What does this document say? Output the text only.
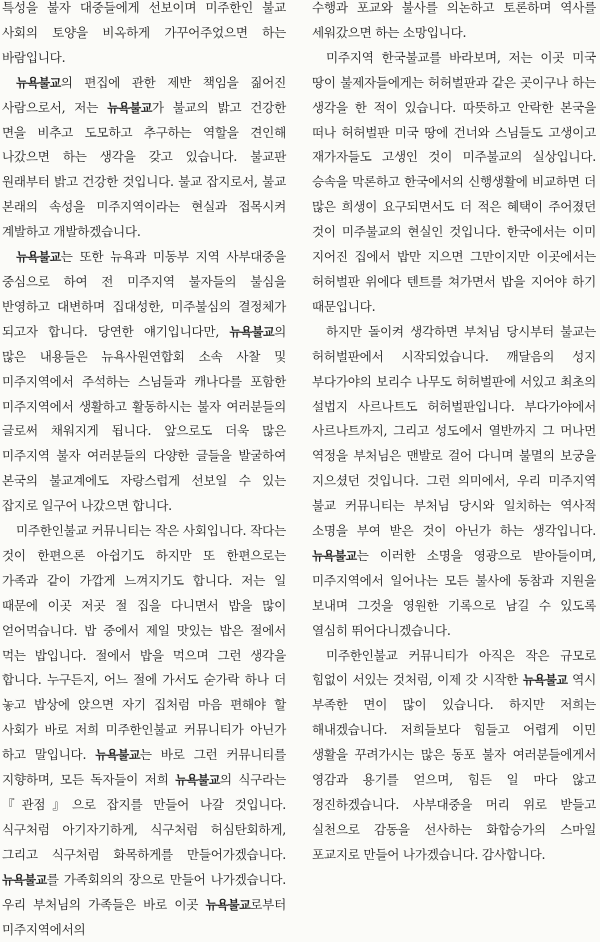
특성을 불자 대중들에게 선보이며 미주한인 불교 사회의 토양을 비옥하게 가꾸어주었으면 하는 바람입니다.

뉴욕불교의 편집에 관한 제반 책임을 짊어진 사람으로서, 저는 뉴욕불교가 불교의 밝고 건강한 면을 비추고 도모하고 추구하는 역할을 견인해 나갔으면 하는 생각을 갖고 있습니다. 불교판 원래부터 밝고 건강한 것입니다. 불교 잡지로서, 불교 본래의 속성을 미주지역이라는 현실과 접목시켜 계발하고 개발하겠습니다.

뉴욕불교는 또한 뉴욕과 미동부 지역 사부대중을 중심으로 하여 전 미주지역 불자들의 불심을 반영하고 대변하며 집대성한, 미주불심의 결정체가 되고자 합니다. 당연한 얘기입니다만, 뉴욕불교의 많은 내용들은 뉴욕사원연합회 소속 사찰 및 미주지역에서 주석하는 스님들과 캐나다를 포함한 미주지역에서 생활하고 활동하시는 불자 여러분들의 글로써 채워지게 됩니다. 앞으로도 더욱 많은 미주지역 불자 여러분들의 다양한 글들을 발굴하여 본국의 불교계에도 자랑스럽게 선보일 수 있는 잡지로 일구어 나갔으면 합니다.

미주한인불교 커뮤니티는 작은 사회입니다. 작다는 것이 한편으론 아쉽기도 하지만 또 한편으로는 가족과 같이 가깝게 느껴지기도 합니다. 저는 일 때문에 이곳 저곳 절 집을 다니면서 밥을 많이 얻어먹습니다. 밥 중에서 제일 맛있는 밥은 절에서 먹는 밥입니다. 절에서 밥을 먹으며 그런 생각을 합니다. 누구든지, 어느 절에 가서도 숟가락 하나 더 놓고 밥상에 앉으면 자기 집처럼 마음 편해야 할 사회가 바로 저희 미주한인불교 커뮤니티가 아닌가 하고 말입니다. 뉴욕불교는 바로 그런 커뮤니티를 지향하며, 모든 독자들이 저희 뉴욕불교의 식구라는 『관점』으로 잡지를 만들어 나갈 것입니다. 식구처럼 아기자기하게, 식구처럼 허심탄회하게, 그리고 식구처럼 화목하게를 만들어가겠습니다. 뉴욕불교를 가족회의의 장으로 만들어 나가겠습니다. 우리 부처님의 가족들은 바로 이곳 뉴욕불교로부터 미주지역에서의

수행과 포교와 불사를 의논하고 토론하며 역사를 세워갔으면 하는 소망입니다.

미주지역 한국불교를 바라보며, 저는 이곳 미국 땅이 불제자들에게는 허허벌판과 같은 곳이구나 하는 생각을 한 적이 있습니다. 따뜻하고 안락한 본국을 떠나 허허벌판 미국 땅에 건너와 스님들도 고생이고 재가자들도 고생인 것이 미주불교의 실상입니다. 승속을 막론하고 한국에서의 신행생활에 비교하면 더 많은 희생이 요구되면서도 더 적은 혜택이 주어졌던 것이 미주불교의 현실인 것입니다. 한국에서는 이미 지어진 집에서 밥만 지으면 그만이지만 이곳에서는 허허벌판 위에다 텐트를 쳐가면서 밥을 지어야 하기 때문입니다.

하지만 돌이켜 생각하면 부처님 당시부터 불교는 허허벌판에서 시작되었습니다. 깨달음의 성지 부다가야의 보리수 나무도 허허벌판에 서있고 최초의 설법지 사르나트도 허허벌판입니다. 부다가야에서 사르나트까지, 그리고 성도에서 열반까지 그 머나먼 역정을 부처님은 맨발로 걸어 다니며 불멸의 보궁을 지으셨던 것입니다. 그런 의미에서, 우리 미주지역 불교 커뮤니티는 부처님 당시와 일치하는 역사적 소명을 부여 받은 것이 아닌가 하는 생각입니다. 뉴욕불교는 이러한 소명을 영광으로 받아들이며, 미주지역에서 일어나는 모든 불사에 동참과 지원을 보내며 그것을 영원한 기록으로 남길 수 있도록 열심히 뛰어다니겠습니다.

미주한인불교 커뮤니티가 아직은 작은 규모로 힘없이 서있는 것처럼, 이제 갓 시작한 뉴욕불교 역시 부족한 면이 많이 있습니다. 하지만 저희는 해내겠습니다. 저희들보다 힘들고 어렵게 이민 생활을 꾸려가시는 많은 동포 불자 여러분들에게서 영감과 용기를 얻으며, 힘든 일 마다 않고 정진하겠습니다. 사부대중을 머리 위로 받들고 실천으로 감동을 선사하는 화합승가의 스마일 포교지로 만들어 나가겠습니다. 감사합니다.
